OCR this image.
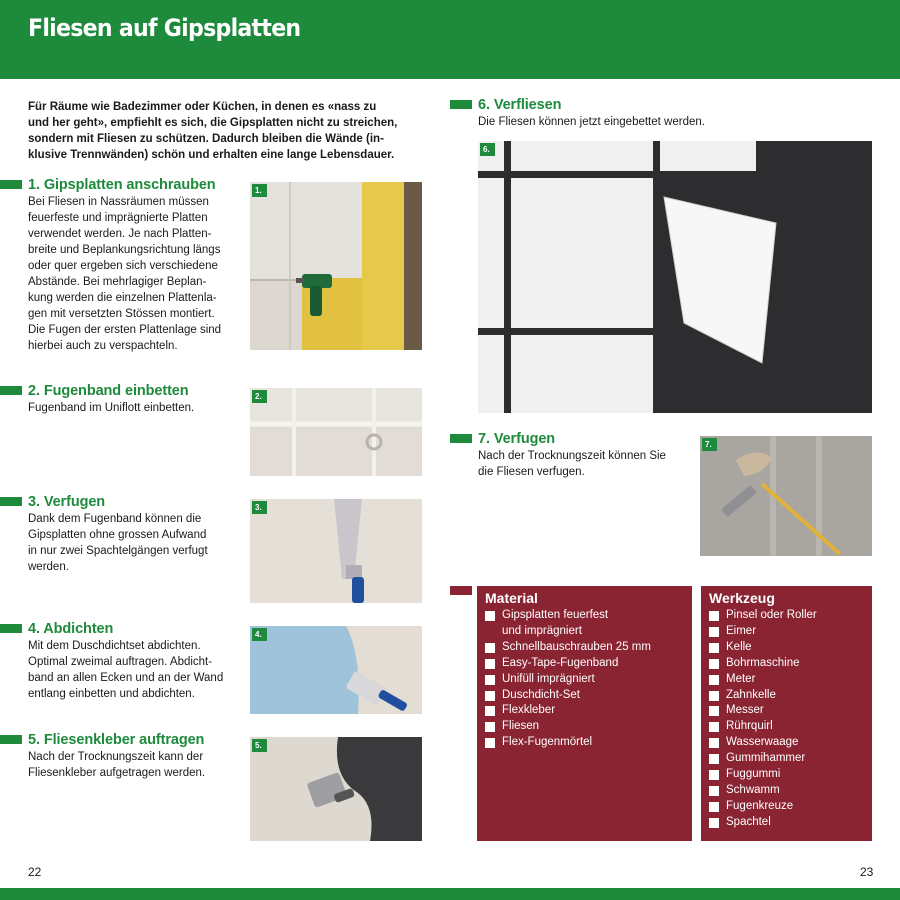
Fliesen auf Gipsplatten
Für Räume wie Badezimmer oder Küchen, in denen es «nass zu
und her geht», empfiehlt es sich, die Gipsplatten nicht zu streichen,
sondern mit Fliesen zu schützen. Dadurch bleiben die Wände (in-
klusive Trennwänden) schön und erhalten eine lange Lebensdauer.
1. Gipsplatten anschrauben
Bei Fliesen in Nassräumen müssen
feuerfeste und imprägnierte Platten
verwendet werden. Je nach Platten-
breite und Beplankungsrichtung längs
oder quer ergeben sich verschiedene
Abstände. Bei mehrlagiger Beplan-
kung werden die einzelnen Plattenla-
gen mit versetzten Stössen montiert.
Die Fugen der ersten Plattenlage sind
hierbei auch zu verspachteln.
1.
2. Fugenband einbetten
Fugenband im Uniflott einbetten.
2.
3. Verfugen
Dank dem Fugenband können die
Gipsplatten ohne grossen Aufwand
in nur zwei Spachtelgängen verfugt
werden.
3.
4. Abdichten
Mit dem Duschdichtset abdichten.
Optimal zweimal auftragen. Abdicht-
band an allen Ecken und an der Wand
entlang einbetten und abdichten.
4.
5. Fliesenkleber auftragen
Nach der Trocknungszeit kann der
Fliesenkleber aufgetragen werden.
5.
6. Verfliesen
Die Fliesen können jetzt eingebettet werden.
6.
7. Verfugen
Nach der Trocknungszeit können Sie
die Fliesen verfugen.
7.
Material
Gipsplatten feuerfest
und imprägniert
Schnellbauschrauben 25 mm
Easy-Tape-Fugenband
Unifüll imprägniert
Duschdicht-Set
Flexkleber
Fliesen
Flex-Fugenmörtel
Werkzeug
Pinsel oder Roller
Eimer
Kelle
Bohrmaschine
Meter
Zahnkelle
Messer
Rührquirl
Wasserwaage
Gummihammer
Fuggummi
Schwamm
Fugenkreuze
Spachtel
22	23
